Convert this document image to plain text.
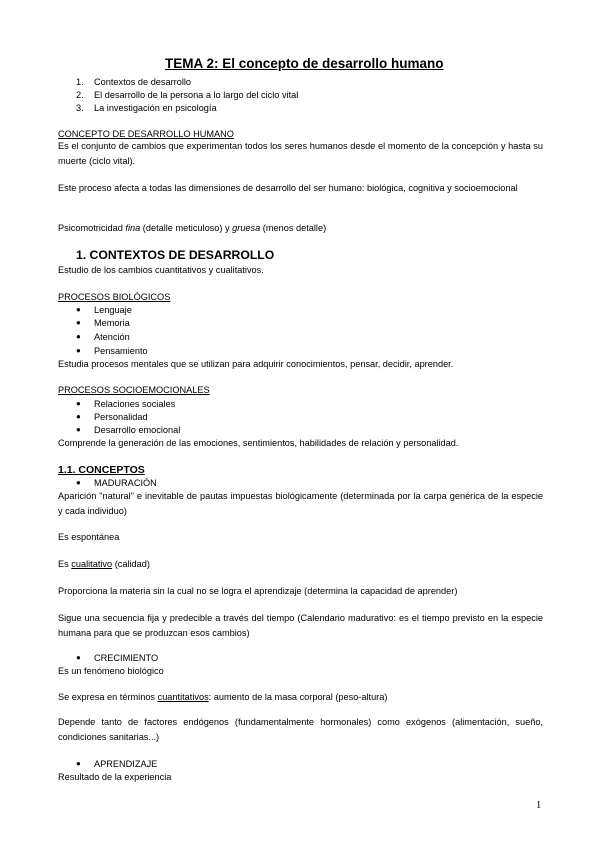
TEMA 2: El concepto de desarrollo humano
1. Contextos de desarrollo
2. El desarrollo de la persona a lo largo del ciclo vital
3. La investigación en psicología
CONCEPTO DE DESARROLLO HUMANO
Es el conjunto de cambios que experimentan todos los seres humanos desde el momento de la concepción y hasta su muerte (ciclo vital).
Este proceso afecta a todas las dimensiones de desarrollo del ser humano: biológica, cognitiva y socioemocional
Psicomotricidad fina (detalle meticuloso) y gruesa (menos detalle)
1. CONTEXTOS DE DESARROLLO
Estudio de los cambios cuantitativos y cualitativos.
PROCESOS BIOLÓGICOS
● Lenguaje
● Memoria
● Atención
● Pensamiento
Estudia procesos mentales que se utilizan para adquirir conocimientos, pensar, decidir, aprender.
PROCESOS SOCIOEMOCIONALES
● Relaciones sociales
● Personalidad
● Desarrollo emocional
Comprende la generación de las emociones, sentimientos, habilidades de relación y personalidad.
1.1. CONCEPTOS
● MADURACIÓN
Aparición "natural" e inevitable de pautas impuestas biológicamente (determinada por la carpa genérica de la especie y cada individuo)
Es espontánea
Es cualitativo (calidad)
Proporciona la materia sin la cual no se logra el aprendizaje (determina la capacidad de aprender)
Sigue una secuencia fija y predecible a través del tiempo (Calendario madurativo: es el tiempo previsto en la especie humana para que se produzcan esos cambios)
● CRECIMIENTO
Es un fenómeno biológico
Se expresa en términos cuantitativos: aumento de la masa corporal (peso-altura)
Depende tanto de factores endógenos (fundamentalmente hormonales) como exógenos (alimentación, sueño, condiciones sanitarias...)
● APRENDIZAJE
Resultado de la experiencia
1
